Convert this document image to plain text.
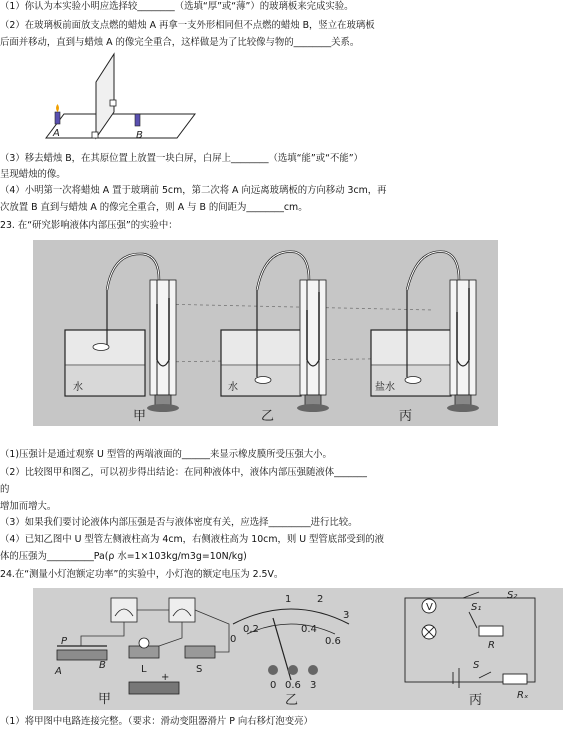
（1）你认为本实验小明应选择较________（选填“厚”或“薄”）的玻璃板来完成实验。
（2）在玻璃板前面放支点燃的蜡烛 A 再拿一支外形相同但不点燃的蜡烛 B，竖立在玻璃板
后面并移动，直到与蜡烛 A 的像完全重合，这样做是为了比较像与物的________关系。
A	B
（3）移去蜡烛 B，在其原位置上放置一块白屏，白屏上________（选填“能”或“不能”）
呈现蜡烛的像。
（4）小明第一次将蜡烛 A 置于玻璃前 5cm，第二次将 A 向远离玻璃板的方向移动 3cm，再
次放置 B 直到与蜡烛 A 的像完全重合，则 A 与 B 的间距为________cm。
23. 在“研究影响液体内部压强”的实验中：
水	水	盐水
甲	乙	丙
（1)压强计是通过观察 U 型管的两端液面的______来显示橡皮膜所受压强大小。
（2）比较图甲和图乙，可以初步得出结论：在同种液体中，液体内部压强随液体_______
的
增加而增大。
（3）如果我们要讨论液体内部压强是否与液体密度有关，应选择_________进行比较。
（4）已知乙图中 U 型管左侧液柱高为 4cm，右侧液柱高为 10cm，则 U 型管底部受到的液
体的压强为__________Pa(ρ 水=1×103kg/m3g=10N/kg)
24.在“测量小灯泡额定功率”的实验中，小灯泡的额定电压为 2.5V。
P
A
B	L	S
+
甲
0
0.2
1
0.4
2
0.6
3
0 0.6 3
乙
V	S₁
S₂
R
S
Rₓ
丙
（1）将甲图中电路连接完整。（要求：滑动变阻器滑片 P 向右移灯泡变亮）
